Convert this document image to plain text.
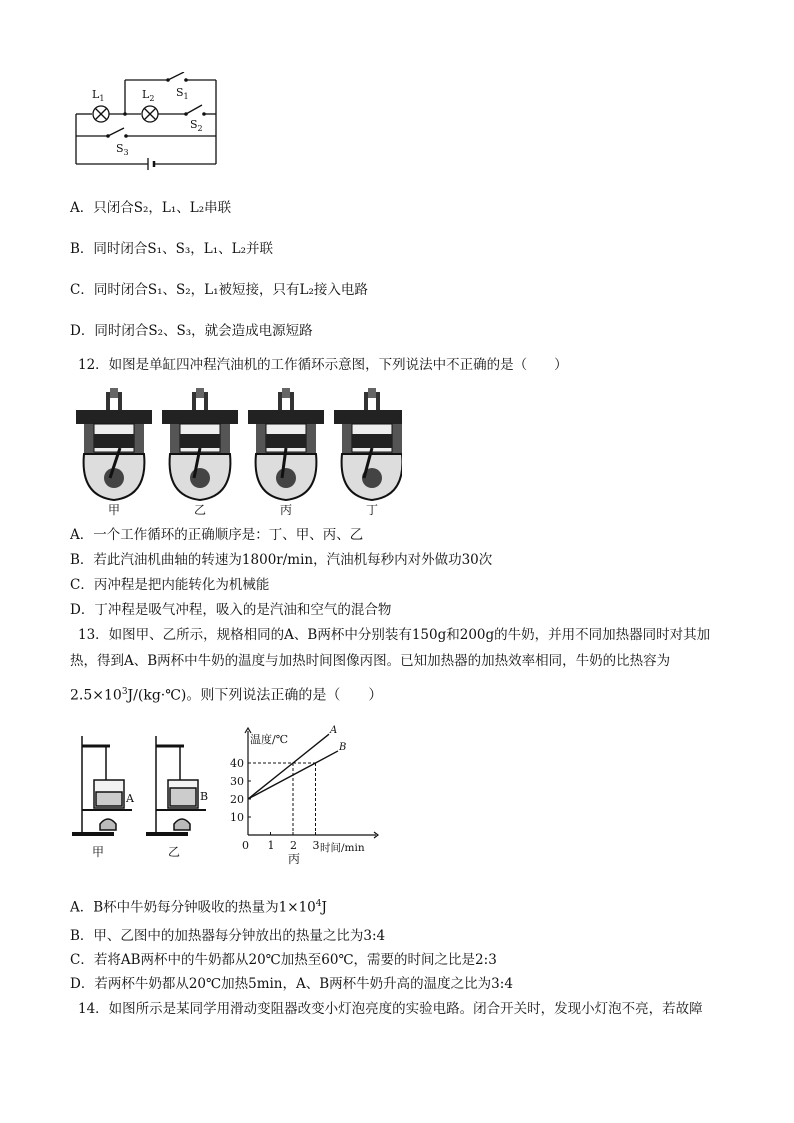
$L_1$	$L_2$ $S_1$
$S_2$
$S_3$
A．只闭合S₂，L₁、L₂串联
B．同时闭合S₁、S₃，L₁、L₂并联
C．同时闭合S₁、S₂，L₁被短接，只有L₂接入电路
D．同时闭合S₂、S₃，就会造成电源短路
12．如图是单缸四冲程汽油机的工作循环示意图，下列说法中不正确的是（　　）
甲	乙	丙	丁
A．一个工作循环的正确顺序是：丁、甲、丙、乙
B．若此汽油机曲轴的转速为1800r/min，汽油机每秒内对外做功30次
C．丙冲程是把内能转化为机械能
D．丁冲程是吸气冲程，吸入的是汽油和空气的混合物
13．如图甲、乙所示，规格相同的A、B两杯中分别装有150g和200g的牛奶，并用不同加热器同时对其加
热，得到A、B两杯中牛奶的温度与加热时间图像丙图。已知加热器的加热效率相同，牛奶的比热容为
$2.5\times 10^3J/(kg\cdot℃)$。则下列说法正确的是（　　）
A	B
甲	乙	0 1 2 3
10
20
30
40
A
B
温度/℃
时间/min
丙
A．B杯中牛奶每分钟吸收的热量为$1\times 10^4J$
B．甲、乙图中的加热器每分钟放出的热量之比为3:4
C．若将AB两杯中的牛奶都从20℃加热至60℃，需要的时间之比是2:3
D．若两杯牛奶都从20℃加热5min，A、B两杯牛奶升高的温度之比为3:4
14．如图所示是某同学用滑动变阻器改变小灯泡亮度的实验电路。闭合开关时，发现小灯泡不亮，若故障
